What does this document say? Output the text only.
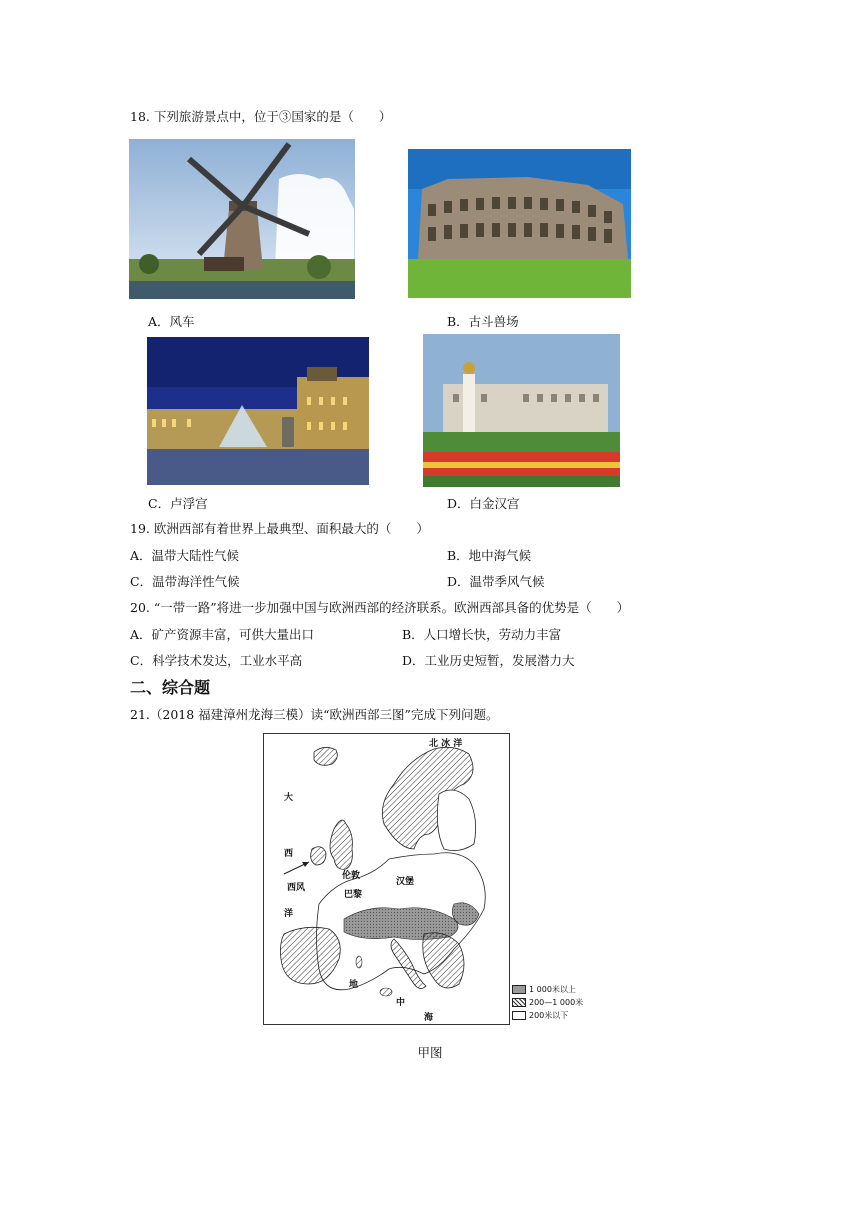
18. 下列旅游景点中，位于③国家的是（　　）
A．风车	B．古斗兽场
C．卢浮宫	D．白金汉宫
19. 欧洲西部有着世界上最典型、面积最大的（　　）
A．温带大陆性气候	B．地中海气候
C．温带海洋性气候	D．温带季风气候
20. “一带一路”将进一步加强中国与欧洲西部的经济联系。欧洲西部具备的优势是（　　）
A．矿产资源丰富，可供大量出口	B．人口增长快，劳动力丰富
C．科学技术发达，工业水平高	D．工业历史短暂，发展潜力大
二、综合题
21.（2018 福建漳州龙海三模）读“欧洲西部三图”完成下列问题。
北 冰 洋
大
西
西风
洋
伦敦
汉堡
巴黎
地
中
海
1 000米以上
200—1 000米
200米以下
甲图
